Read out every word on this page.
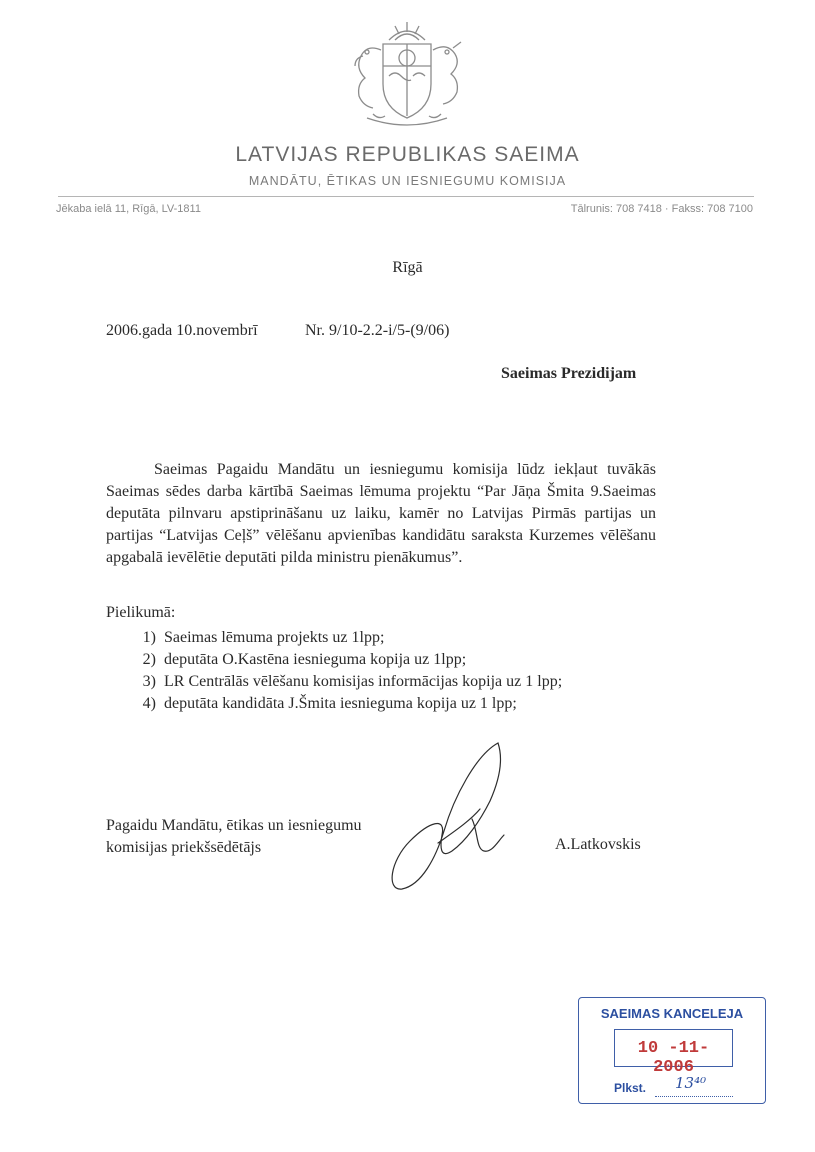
LATVIJAS REPUBLIKAS SAEIMA
MANDĀTU, ĒTIKAS UN IESNIEGUMU KOMISIJA
Jēkaba ielā 11, Rīgā, LV-1811	Tālrunis: 708 7418 · Fakss: 708 7100
Rīgā
2006.gada 10.novembrī	Nr. 9/10-2.2-i/5-(9/06)
Saeimas Prezidijam

Saeimas Pagaidu Mandātu un iesniegumu komisija lūdz iekļaut tuvākās Saeimas sēdes darba kārtībā Saeimas lēmuma projektu “Par Jāņa Šmita 9.Saeimas deputāta pilnvaru apstiprināšanu uz laiku, kamēr no Latvijas Pirmās partijas un partijas “Latvijas Ceļš” vēlēšanu apvienības kandidātu saraksta Kurzemes vēlēšanu apgabalā ievēlētie deputāti pilda ministru pienākumus”.

Pielikumā:
1) Saeimas lēmuma projekts uz 1lpp;
2) deputāta O.Kastēna iesnieguma kopija uz 1lpp;
3) LR Centrālās vēlēšanu komisijas informācijas kopija uz 1 lpp;
4) deputāta kandidāta J.Šmita iesnieguma kopija uz 1 lpp;
Pagaidu Mandātu, ētikas un iesniegumu
komisijas priekšsēdētājs	A.Latkovskis
SAEIMAS KANCELEJA
10 -11- 2006
Plkst. 13⁴⁰
